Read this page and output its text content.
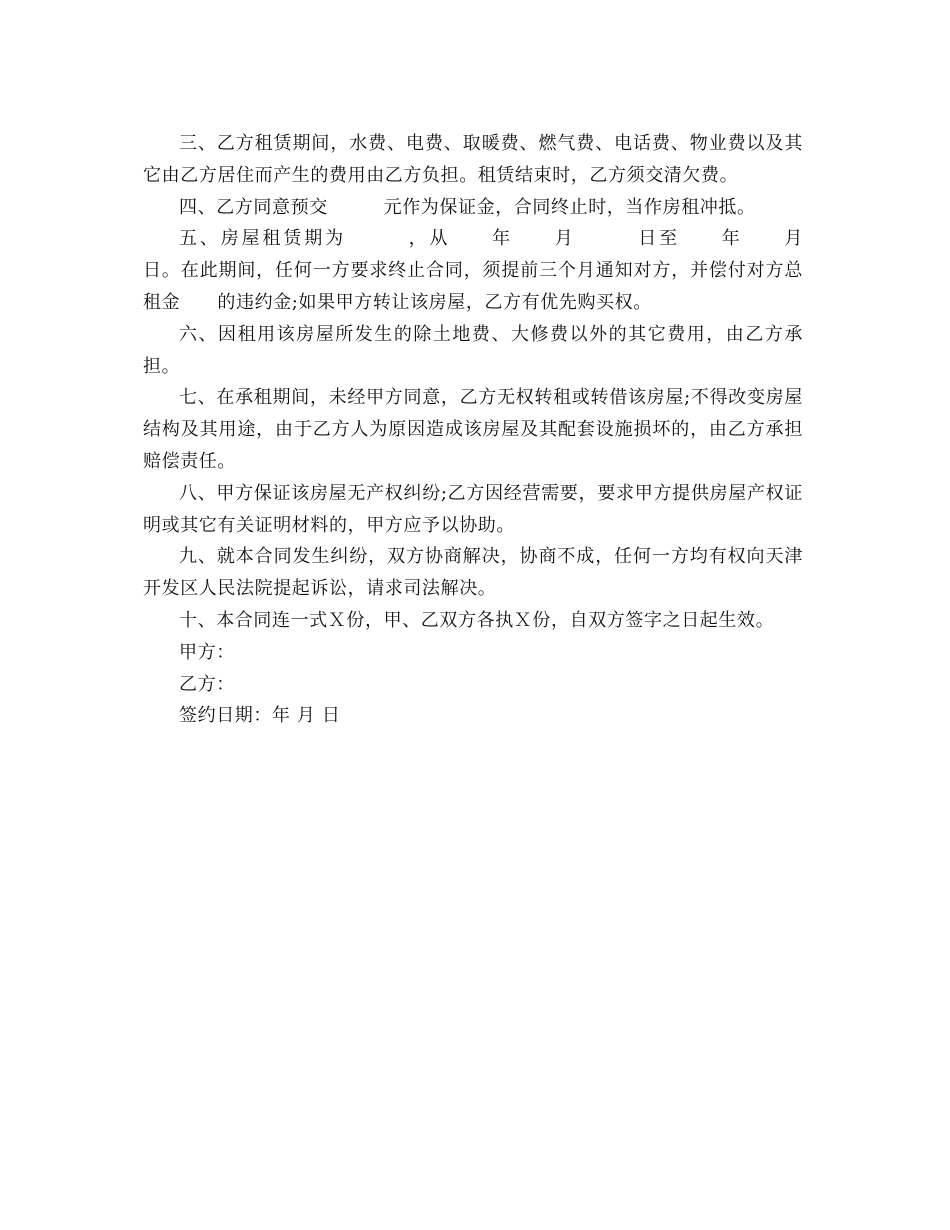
三、乙方租赁期间，水费、电费、取暖费、燃气费、电话费、物业费以及其它由乙方居住而产生的费用由乙方负担。租赁结束时，乙方须交清欠费。

四、乙方同意预交　　　元作为保证金，合同终止时，当作房租冲抵。

五、房屋租赁期为　　　，从　　年　　月　　　日至　　年　　月　　　日。在此期间，任何一方要求终止合同，须提前三个月通知对方，并偿付对方总租金　　的违约金;如果甲方转让该房屋，乙方有优先购买权。

六、因租用该房屋所发生的除土地费、大修费以外的其它费用，由乙方承担。

七、在承租期间，未经甲方同意，乙方无权转租或转借该房屋;不得改变房屋结构及其用途，由于乙方人为原因造成该房屋及其配套设施损坏的，由乙方承担赔偿责任。

八、甲方保证该房屋无产权纠纷;乙方因经营需要，要求甲方提供房屋产权证明或其它有关证明材料的，甲方应予以协助。

九、就本合同发生纠纷，双方协商解决，协商不成，任何一方均有权向天津开发区人民法院提起诉讼，请求司法解决。

十、本合同连一式Ｘ份，甲、乙双方各执Ｘ份，自双方签字之日起生效。

甲方：

乙方：

签约日期：年 月 日
